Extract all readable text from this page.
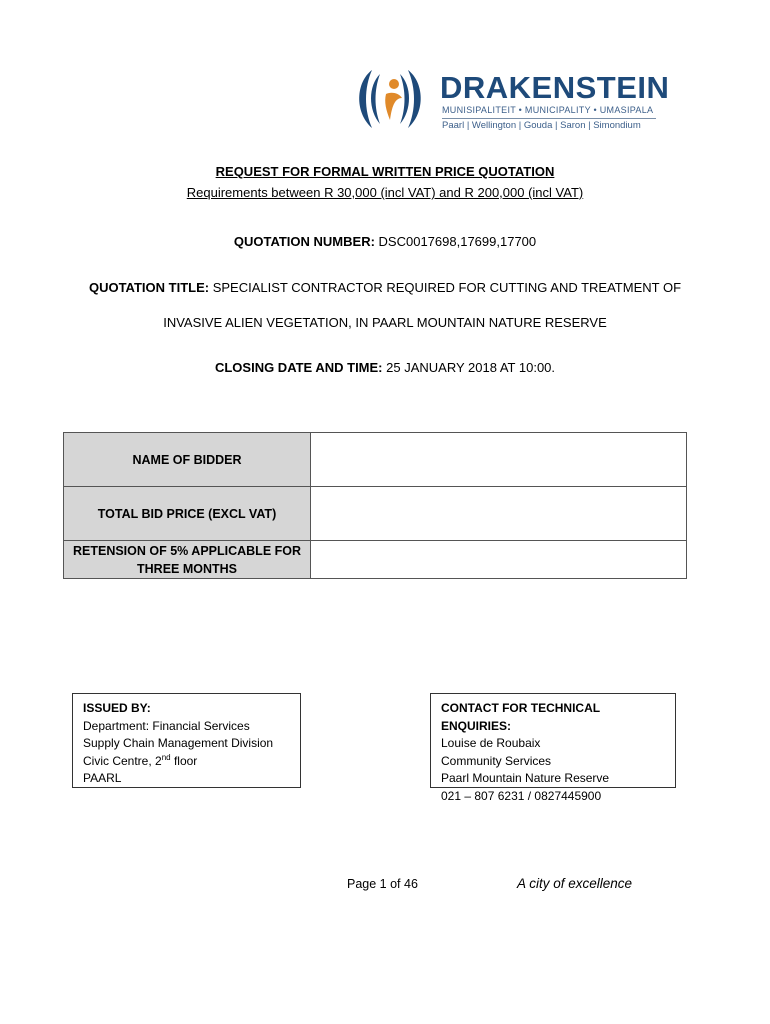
DRAKENSTEIN
MUNISIPALITEIT • MUNICIPALITY • UMASIPALA
Paarl | Wellington | Gouda | Saron | Simondium
REQUEST FOR FORMAL WRITTEN PRICE QUOTATION
Requirements between R 30,000 (incl VAT) and R 200,000 (incl VAT)
QUOTATION NUMBER: DSC0017698,17699,17700
QUOTATION TITLE: SPECIALIST CONTRACTOR REQUIRED FOR CUTTING AND TREATMENT OF
INVASIVE ALIEN VEGETATION, IN PAARL MOUNTAIN NATURE RESERVE
CLOSING DATE AND TIME: 25 JANUARY 2018 AT 10:00.
NAME OF BIDDER	
TOTAL BID PRICE (EXCL VAT)	

RETENSION OF 5% APPLICABLE FOR
THREE MONTHS	

ISSUED BY:
Department: Financial Services
Supply Chain Management Division
Civic Centre, 2nd floor
PAARL
CONTACT FOR TECHNICAL ENQUIRIES:
Louise de Roubaix
Community Services
Paarl Mountain Nature Reserve
021 – 807 6231 / 0827445900
Page 1 of 46	A city of excellence
